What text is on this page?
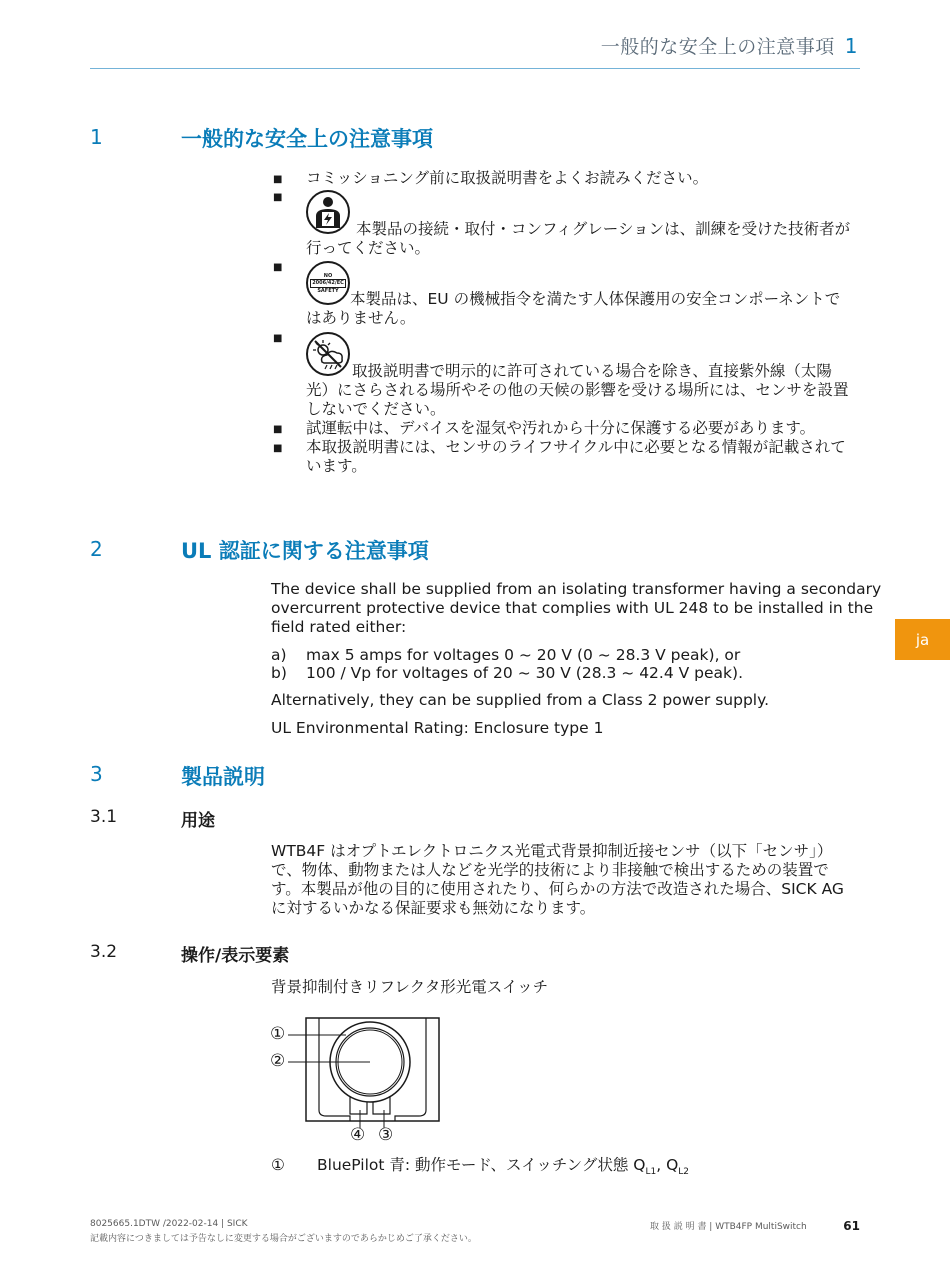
一般的な安全上の注意事項 1
ja
1	一般的な安全上の注意事項
■ コミッショニング前に取扱説明書をよくお読みください。
■
本製品の接続・取付・コンフィグレーションは、訓練を受けた技術者が
行ってください。
■
NO
2006/42/EC
SAFETY 本製品は、EU の機械指令を満たす人体保護用の安全コンポーネントで
はありません。
■
取扱説明書で明示的に許可されている場合を除き、直接紫外線（太陽
光）にさらされる場所やその他の天候の影響を受ける場所には、センサを設置
しないでください。
■ 試運転中は、デバイスを湿気や汚れから十分に保護する必要があります。
■ 本取扱説明書には、センサのライフサイクル中に必要となる情報が記載されて
います。
2	UL 認証に関する注意事項
The device shall be supplied from an isolating transformer having a secondary
overcurrent protective device that complies with UL 248 to be installed in the
field rated either:
a) max 5 amps for voltages 0 ~ 20 V (0 ~ 28.3 V peak), or
b) 100 / Vp for voltages of 20 ~ 30 V (28.3 ~ 42.4 V peak).
Alternatively, they can be supplied from a Class 2 power supply.
UL Environmental Rating: Enclosure type 1
3	製品説明
3.1	用途
WTB4F はオプトエレクトロニクス光電式背景抑制近接センサ（以下「センサ」）
で、物体、動物または人などを光学的技術により非接触で検出するための装置で
す。本製品が他の目的に使用されたり、何らかの方法で改造された場合、SICK AG
に対するいかなる保証要求も無効になります。
3.2	操作/表示要素
背景抑制付きリフレクタ形光電スイッチ
①
②
④ ③
① BluePilot 青: 動作モード、スイッチング状態 $Q_{L1}$, $Q_{L2}$
8025665.1DTW /2022-02-14 | SICK
記載内容につきましては予告なしに変更する場合がございますのであらかじめご了承ください。
取 扱 説 明 書 | WTB4FP MultiSwitch	61
